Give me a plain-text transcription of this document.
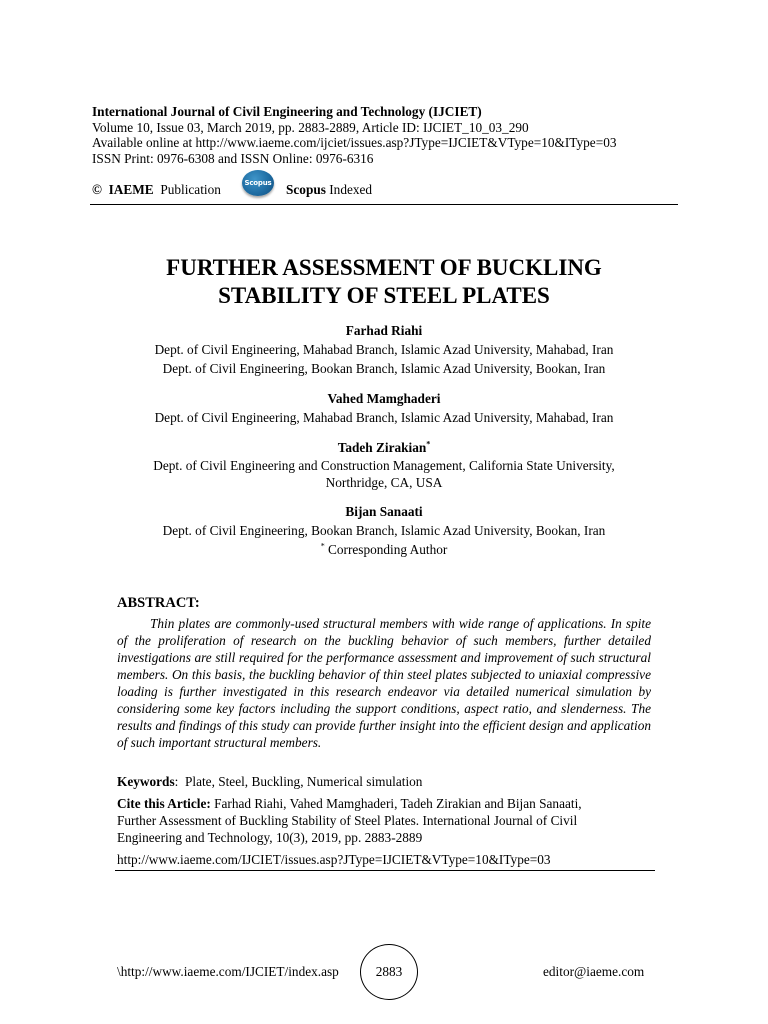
International Journal of Civil Engineering and Technology (IJCIET)
Volume 10, Issue 03, March 2019, pp. 2883-2889, Article ID: IJCIET_10_03_290
Available online at http://www.iaeme.com/ijciet/issues.asp?JType=IJCIET&VType=10&IType=03
ISSN Print: 0976-6308 and ISSN Online: 0976-6316
© IAEME Publication	Scopus Scopus Indexed
FURTHER ASSESSMENT OF BUCKLING
STABILITY OF STEEL PLATES
Farhad Riahi
Dept. of Civil Engineering, Mahabad Branch, Islamic Azad University, Mahabad, Iran
Dept. of Civil Engineering, Bookan Branch, Islamic Azad University, Bookan, Iran
Vahed Mamghaderi
Dept. of Civil Engineering, Mahabad Branch, Islamic Azad University, Mahabad, Iran
Tadeh Zirakian*
Dept. of Civil Engineering and Construction Management, California State University,
Northridge, CA, USA
Bijan Sanaati
Dept. of Civil Engineering, Bookan Branch, Islamic Azad University, Bookan, Iran
* Corresponding Author
ABSTRACT:
Thin plates are commonly-used structural members with wide range of applications. In spite of the proliferation of research on the buckling behavior of such members, further detailed investigations are still required for the performance assessment and improvement of such structural members. On this basis, the buckling behavior of thin steel plates subjected to uniaxial compressive loading is further investigated in this research endeavor via detailed numerical simulation by considering some key factors including the support conditions, aspect ratio, and slenderness. The results and findings of this study can provide further insight into the efficient design and application of such important structural members.
Keywords: Plate, Steel, Buckling, Numerical simulation
Cite this Article: Farhad Riahi, Vahed Mamghaderi, Tadeh Zirakian and Bijan Sanaati, Further Assessment of Buckling Stability of Steel Plates. International Journal of Civil Engineering and Technology, 10(3), 2019, pp. 2883-2889
http://www.iaeme.com/IJCIET/issues.asp?JType=IJCIET&VType=10&IType=03
\http://www.iaeme.com/IJCIET/index.asp	2883	editor@iaeme.com
